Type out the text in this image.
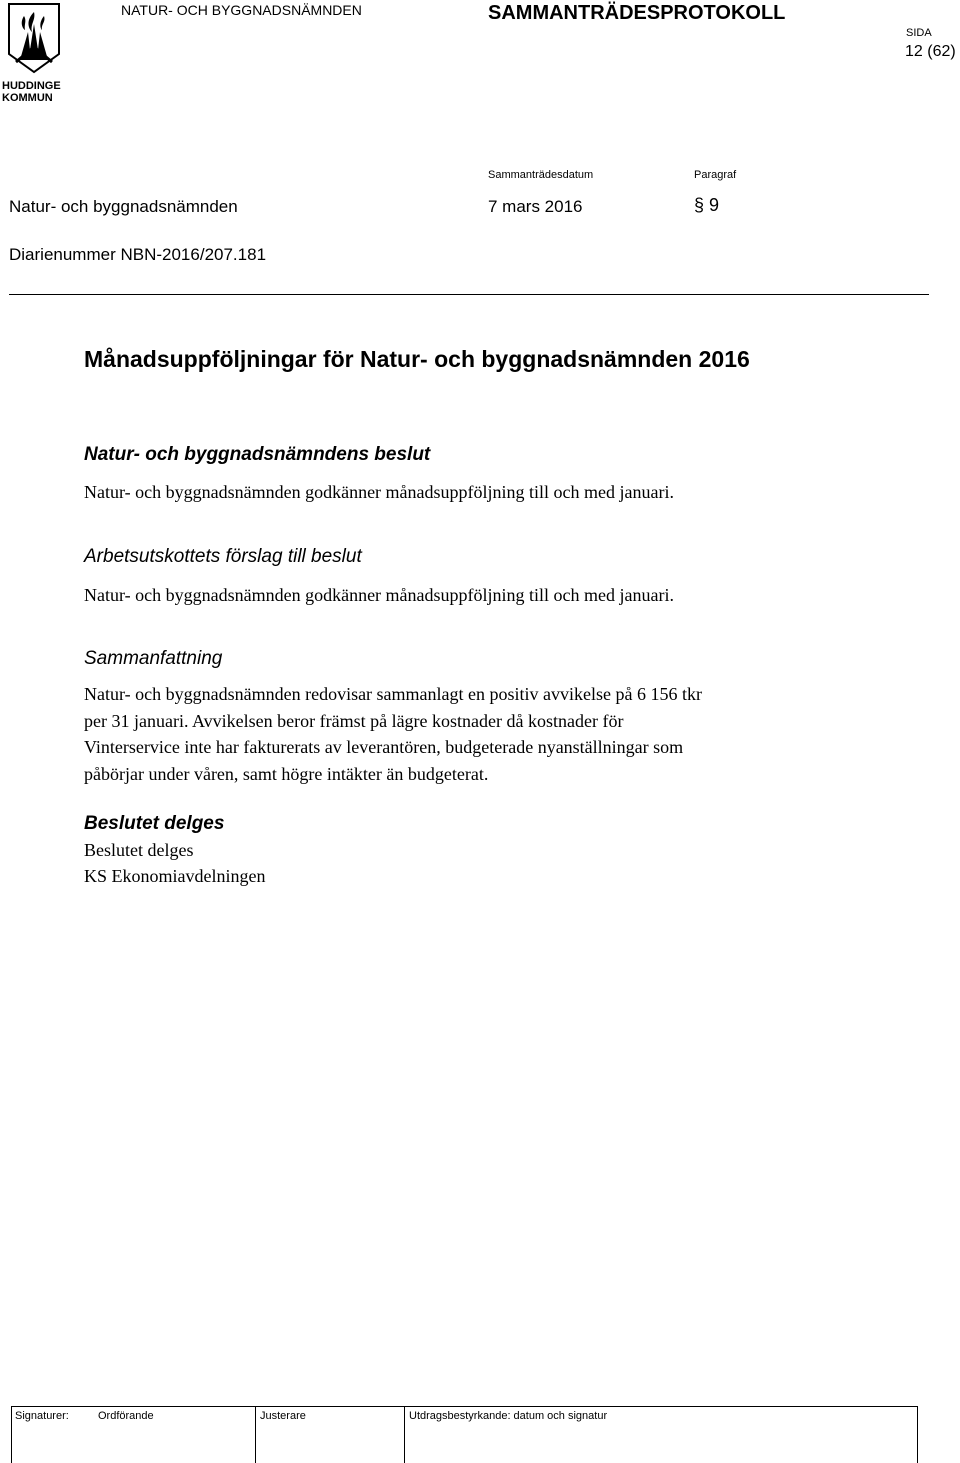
HUDDINGE
KOMMUN
NATUR- OCH BYGGNADSNÄMNDEN	SAMMANTRÄDESPROTOKOLL
SIDA
12 (62)
Sammanträdesdatum	Paragraf
Natur- och byggnadsnämnden	7 mars 2016	§ 9
Diarienummer NBN-2016/207.181
Månadsuppföljningar för Natur- och byggnadsnämnden 2016
Natur- och byggnadsnämndens beslut
Natur- och byggnadsnämnden godkänner månadsuppföljning till och med januari.
Arbetsutskottets förslag till beslut
Natur- och byggnadsnämnden godkänner månadsuppföljning till och med januari.
Sammanfattning
Natur- och byggnadsnämnden redovisar sammanlagt en positiv avvikelse på 6 156 tkr
per 31 januari. Avvikelsen beror främst på lägre kostnader då kostnader för
Vinterservice inte har fakturerats av leverantören, budgeterade nyanställningar som
påbörjar under våren, samt högre intäkter än budgeterat.
Beslutet delges
Beslutet delges
KS Ekonomiavdelningen
Signaturer:	Ordförande	Justerare	Utdragsbestyrkande: datum och signatur
